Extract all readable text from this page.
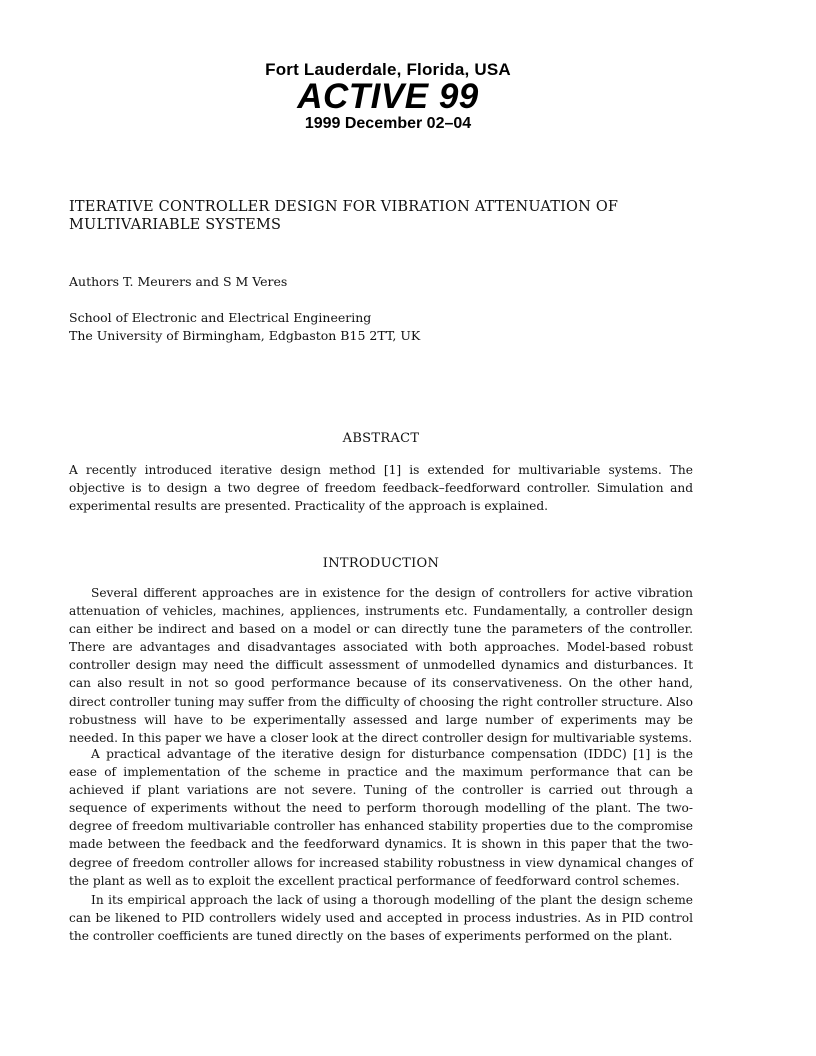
Fort Lauderdale, Florida, USA
ACTIVE 99
1999 December 02–04
ITERATIVE CONTROLLER DESIGN FOR VIBRATION ATTENUATION OF MULTIVARIABLE SYSTEMS

Authors T. Meurers and S M Veres

School of Electronic and Electrical Engineering
The University of Birmingham, Edgbaston B15 2TT, UK
ABSTRACT

A recently introduced iterative design method [1] is extended for multivariable systems. The objective is to design a two degree of freedom feedback–feedforward controller. Simulation and experimental results are presented. Practicality of the approach is explained.

INTRODUCTION

Several different approaches are in existence for the design of controllers for active vibration attenuation of vehicles, machines, appliences, instruments etc. Fundamentally, a controller design can either be indirect and based on a model or can directly tune the parameters of the controller. There are advantages and disadvantages associated with both approaches. Model-based robust controller design may need the difficult assessment of unmodelled dynamics and disturbances. It can also result in not so good performance because of its conservativeness. On the other hand, direct controller tuning may suffer from the difficulty of choosing the right controller structure. Also robustness will have to be experimentally assessed and large number of experiments may be needed. In this paper we have a closer look at the direct controller design for multivariable systems.

A practical advantage of the iterative design for disturbance compensation (IDDC) [1] is the ease of implementation of the scheme in practice and the maximum performance that can be achieved if plant variations are not severe. Tuning of the controller is carried out through a sequence of experiments without the need to perform thorough modelling of the plant. The two-degree of freedom multivariable controller has enhanced stability properties due to the compromise made between the feedback and the feedforward dynamics. It is shown in this paper that the two-degree of freedom controller allows for increased stability robustness in view dynamical changes of the plant as well as to exploit the excellent practical performance of feedforward control schemes.

In its empirical approach the lack of using a thorough modelling of the plant the design scheme can be likened to PID controllers widely used and accepted in process industries. As in PID control the controller coefficients are tuned directly on the bases of experiments performed on the plant.
